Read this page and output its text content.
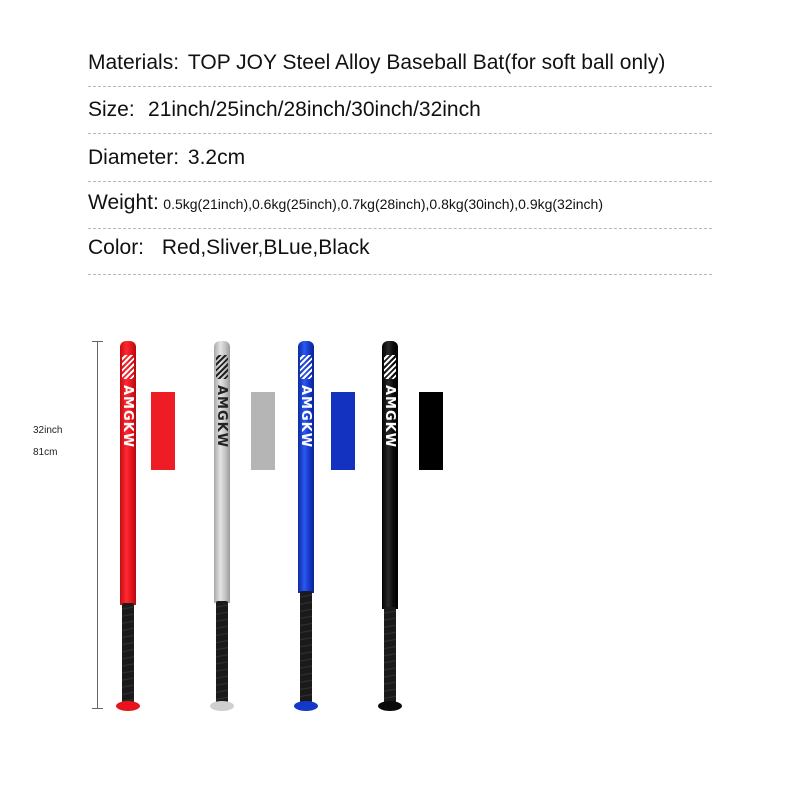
Materials: TOP JOY Steel Alloy Baseball Bat(for soft ball only)
Size: 21inch/25inch/28inch/30inch/32inch
Diameter: 3.2cm
Weight: 0.5kg(21inch),0.6kg(25inch),0.7kg(28inch),0.8kg(30inch),0.9kg(32inch)
Color: Red,Sliver,BLue,Black
32inch
81cm
AMGKW	AMGKW	AMGKW	AMGKW
